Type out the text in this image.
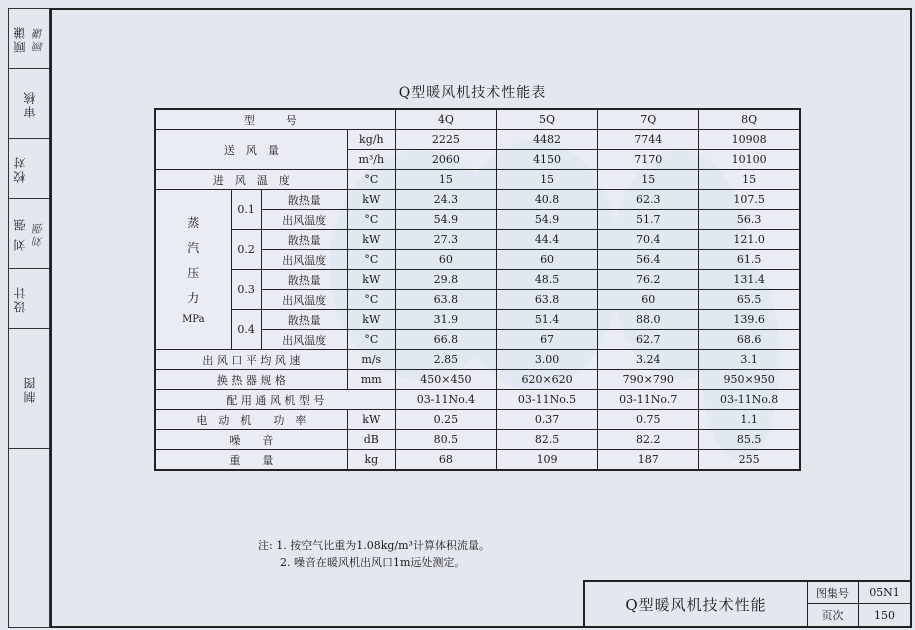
顾谦 顾谦
审核
校对
刘 强 刘强
设计
制图
Q型暖风机技术性能表
型　号				4Q	5Q	7Q	8Q
送　风　量			kg/h	2225	4482	7744	10908
			m³/h	2060	4150	7170	10100
进　风　温　度			°C	15	15	15	15

蒸
汽
压
力
MPa	0.1	散热量	kW	24.3	40.8	62.3	107.5
		出风温度	°C	54.9	54.9	51.7	56.3
	0.2	散热量	kW	27.3	44.4	70.4	121.0
		出风温度	°C	60	60	56.4	61.5
	0.3	散热量	kW	29.8	48.5	76.2	131.4
		出风温度	°C	63.8	63.8	60	65.5
	0.4	散热量	kW	31.9	51.4	88.0	139.6
		出风温度	°C	66.8	67	62.7	68.6
出 风 口 平 均 风 速			m/s	2.85	3.00	3.24	3.1
换 热 器 规 格			mm	450×450	620×620	790×790	950×950
配 用 通 风 机 型 号				03-11No.4	03-11No.5	03-11No.7	03-11No.8
电　动　机　　功　率			kW	0.25	0.37	0.75	1.1
噪　　音			dB	80.5	82.5	82.2	85.5
重　　量			kg	68	109	187	255
注: 1. 按空气比重为1.08kg/m³计算体积流量。
2. 噪音在暖风机出风口1m远处测定。
Q型暖风机技术性能
图集号	05N1
页次	150
